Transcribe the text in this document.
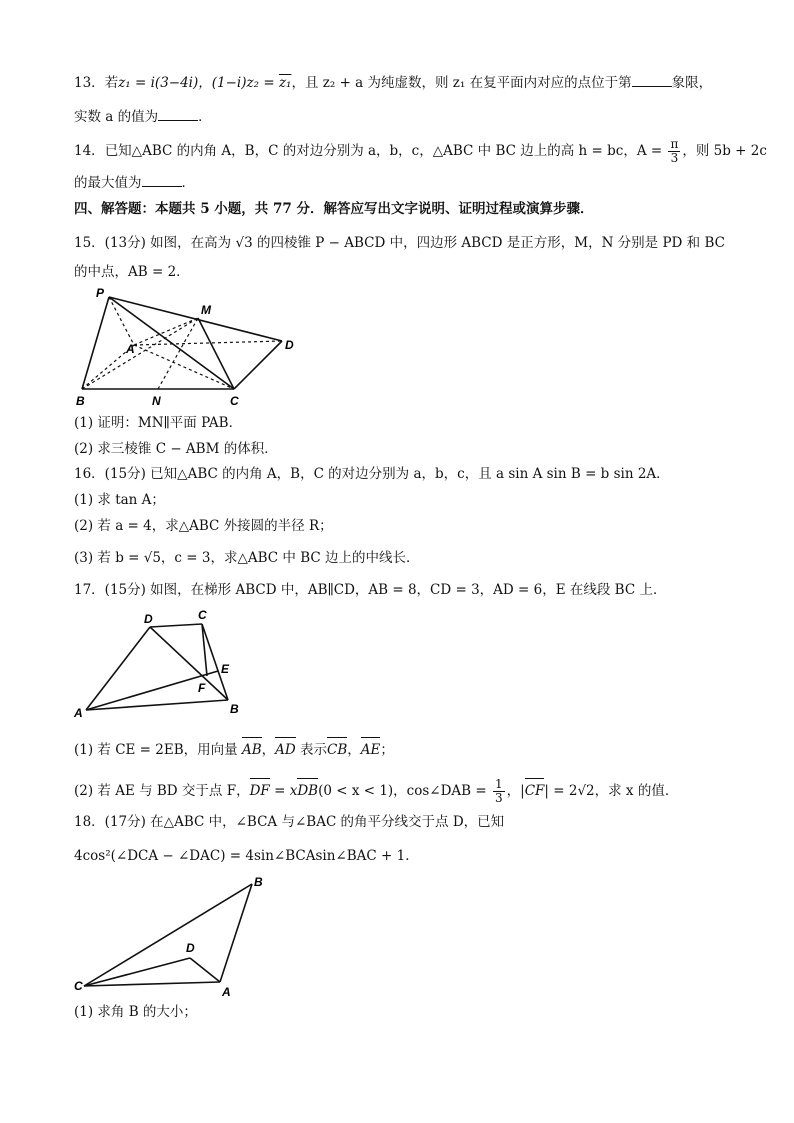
13．若z₁ = i(3−4i)，(1−i)z₂ = z₁，且 z₂ + a 为纯虚数，则 z₁ 在复平面内对应的点位于第	象限，
实数 a 的值为	．
14．已知△ABC 的内角 A，B，C 的对边分别为 a，b，c，△ABC 中 BC 边上的高 h = bc，$A = \frac{\pi}{3}$ ，则 5b + 2c
的最大值为	．
四、解答题：本题共 5 小题，共 77 分．解答应写出文字说明、证明过程或演算步骤．
15．(13分) 如图，在高为 √3 的四棱锥 P − ABCD 中，四边形 ABCD 是正方形，M，N 分别是 PD 和 BC
的中点，AB = 2．
P
M
A	D
B	N	C
(1) 证明：MN∥平面 PAB．
(2) 求三棱锥 C − ABM 的体积．
16．(15分) 已知△ABC 的内角 A，B，C 的对边分别为 a，b，c，且 a sin A sin B = b sin 2A．
(1) 求 tan A；
(2) 若 a = 4，求△ABC 外接圆的半径 R；
(3) 若 b = √5，c = 3，求△ABC 中 BC 边上的中线长．
17．(15分) 如图，在梯形 ABCD 中，AB∥CD，AB = 8，CD = 3，AD = 6，E 在线段 BC 上．
D	C
E
F
A	B
(1) 若 CE = 2EB，用向量 AB，AD 表示CB，AE；
(2) 若 AE 与 BD 交于点 F，DF = xDB(0 < x < 1)，cos∠DAB = $\frac{1}{3}$ ，|CF| = 2√2，求 x 的值．
18．(17分) 在△ABC 中，∠BCA 与∠BAC 的角平分线交于点 D，已知
4cos²(∠DCA − ∠DAC) = 4sin∠BCAsin∠BAC + 1．
B
D
C	A
(1) 求角 B 的大小；
